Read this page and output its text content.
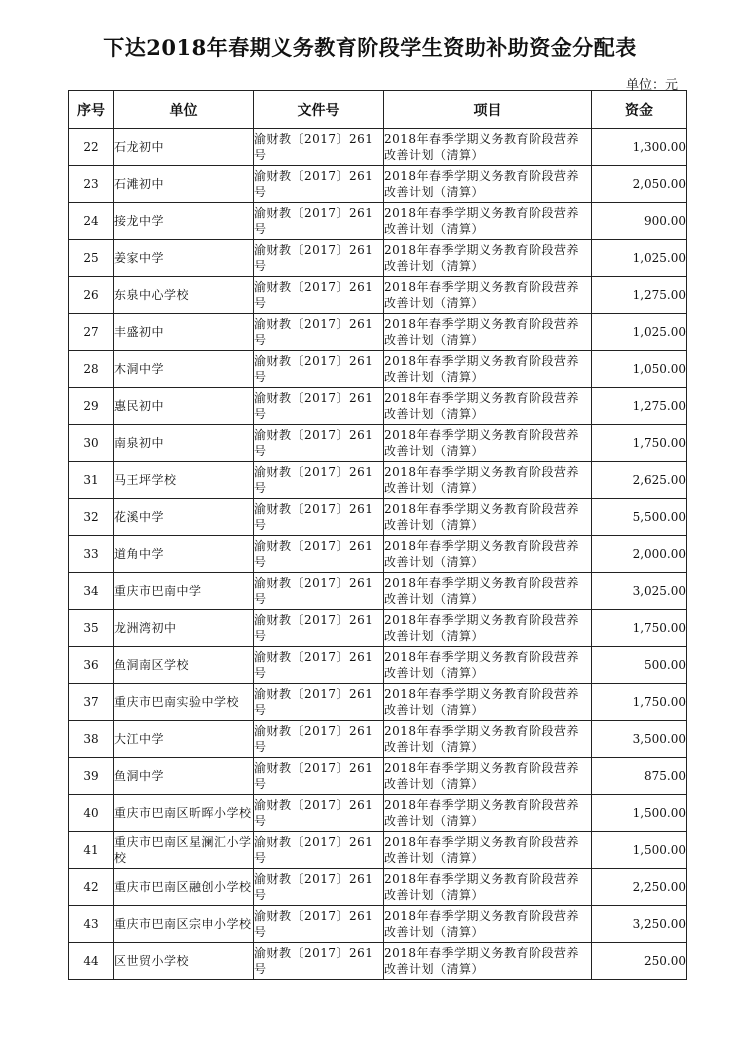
下达2018年春期义务教育阶段学生资助补助资金分配表
单位：元
序号	单位	文件号	项目	资金
22	石龙初中	渝财教〔2017〕261号	2018年春季学期义务教育阶段营养改善计划（清算）	1,300.00
23	石滩初中	渝财教〔2017〕261号	2018年春季学期义务教育阶段营养改善计划（清算）	2,050.00
24	接龙中学	渝财教〔2017〕261号	2018年春季学期义务教育阶段营养改善计划（清算）	900.00
25	姜家中学	渝财教〔2017〕261号	2018年春季学期义务教育阶段营养改善计划（清算）	1,025.00
26	东泉中心学校	渝财教〔2017〕261号	2018年春季学期义务教育阶段营养改善计划（清算）	1,275.00
27	丰盛初中	渝财教〔2017〕261号	2018年春季学期义务教育阶段营养改善计划（清算）	1,025.00
28	木洞中学	渝财教〔2017〕261号	2018年春季学期义务教育阶段营养改善计划（清算）	1,050.00
29	惠民初中	渝财教〔2017〕261号	2018年春季学期义务教育阶段营养改善计划（清算）	1,275.00
30	南泉初中	渝财教〔2017〕261号	2018年春季学期义务教育阶段营养改善计划（清算）	1,750.00
31	马王坪学校	渝财教〔2017〕261号	2018年春季学期义务教育阶段营养改善计划（清算）	2,625.00
32	花溪中学	渝财教〔2017〕261号	2018年春季学期义务教育阶段营养改善计划（清算）	5,500.00
33	道角中学	渝财教〔2017〕261号	2018年春季学期义务教育阶段营养改善计划（清算）	2,000.00
34	重庆市巴南中学	渝财教〔2017〕261号	2018年春季学期义务教育阶段营养改善计划（清算）	3,025.00
35	龙洲湾初中	渝财教〔2017〕261号	2018年春季学期义务教育阶段营养改善计划（清算）	1,750.00
36	鱼洞南区学校	渝财教〔2017〕261号	2018年春季学期义务教育阶段营养改善计划（清算）	500.00
37	重庆市巴南实验中学校	渝财教〔2017〕261号	2018年春季学期义务教育阶段营养改善计划（清算）	1,750.00
38	大江中学	渝财教〔2017〕261号	2018年春季学期义务教育阶段营养改善计划（清算）	3,500.00
39	鱼洞中学	渝财教〔2017〕261号	2018年春季学期义务教育阶段营养改善计划（清算）	875.00
40	重庆市巴南区昕晖小学校	渝财教〔2017〕261号	2018年春季学期义务教育阶段营养改善计划（清算）	1,500.00
41	重庆市巴南区星澜汇小学校	渝财教〔2017〕261号	2018年春季学期义务教育阶段营养改善计划（清算）	1,500.00
42	重庆市巴南区融创小学校	渝财教〔2017〕261号	2018年春季学期义务教育阶段营养改善计划（清算）	2,250.00
43	重庆市巴南区宗申小学校	渝财教〔2017〕261号	2018年春季学期义务教育阶段营养改善计划（清算）	3,250.00
44	区世贸小学校	渝财教〔2017〕261号	2018年春季学期义务教育阶段营养改善计划（清算）	250.00
